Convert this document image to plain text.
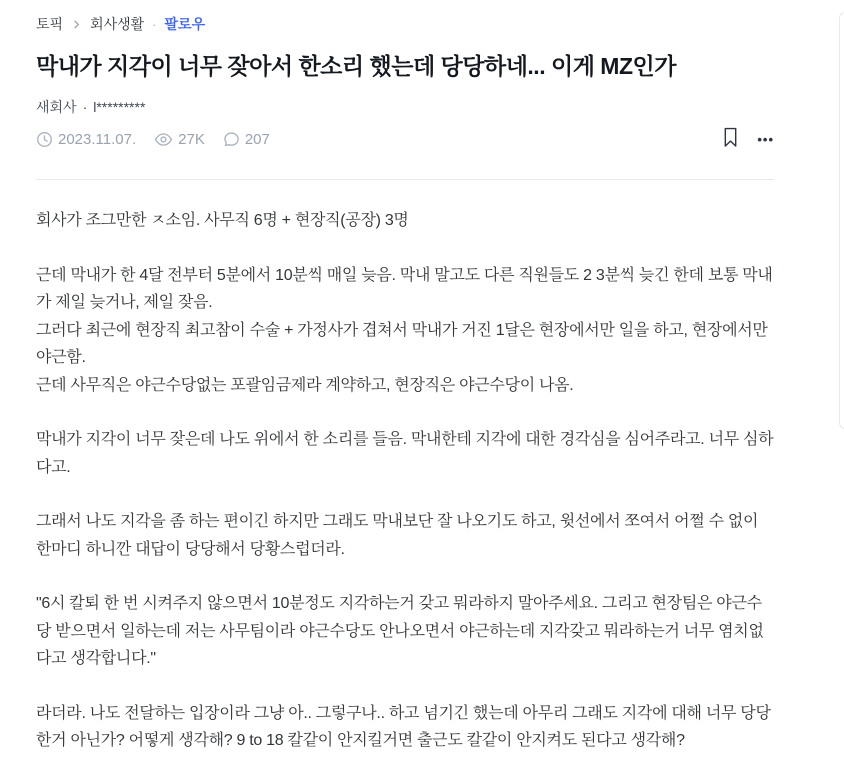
토픽 회사생활 · 팔로우
막내가 지각이 너무 잦아서 한소리 했는데 당당하네... 이게 MZ인가
새회사 · l*********
2023.11.07.	27K	207	•••

회사가 조그만한 ㅈ소임. 사무직 6명 + 현장직(공장) 3명

근데 막내가 한 4달 전부터 5분에서 10분씩 매일 늦음. 막내 말고도 다른 직원들도 2 3분씩 늦긴 한데 보통 막내가 제일 늦거나, 제일 잦음.
그러다 최근에 현장직 최고참이 수술 + 가정사가 겹쳐서 막내가 거진 1달은 현장에서만 일을 하고, 현장에서만 야근함.
근데 사무직은 야근수당없는 포괄임금제라 계약하고, 현장직은 야근수당이 나옴.

막내가 지각이 너무 잦은데 나도 위에서 한 소리를 들음. 막내한테 지각에 대한 경각심을 심어주라고. 너무 심하다고.

그래서 나도 지각을 좀 하는 편이긴 하지만 그래도 막내보단 잘 나오기도 하고, 윗선에서 쪼여서 어쩔 수 없이 한마디 하니깐 대답이 당당해서 당황스럽더라.

"6시 칼퇴 한 번 시켜주지 않으면서 10분정도 지각하는거 갖고 뭐라하지 말아주세요. 그리고 현장팀은 야근수당 받으면서 일하는데 저는 사무팀이라 야근수당도 안나오면서 야근하는데 지각갖고 뭐라하는거 너무 염치없다고 생각합니다."

라더라. 나도 전달하는 입장이라 그냥 아.. 그렇구나.. 하고 넘기긴 했는데 아무리 그래도 지각에 대해 너무 당당한거 아닌가? 어떻게 생각해? 9 to 18 칼같이 안지킬거면 출근도 칼같이 안지켜도 된다고 생각해?
